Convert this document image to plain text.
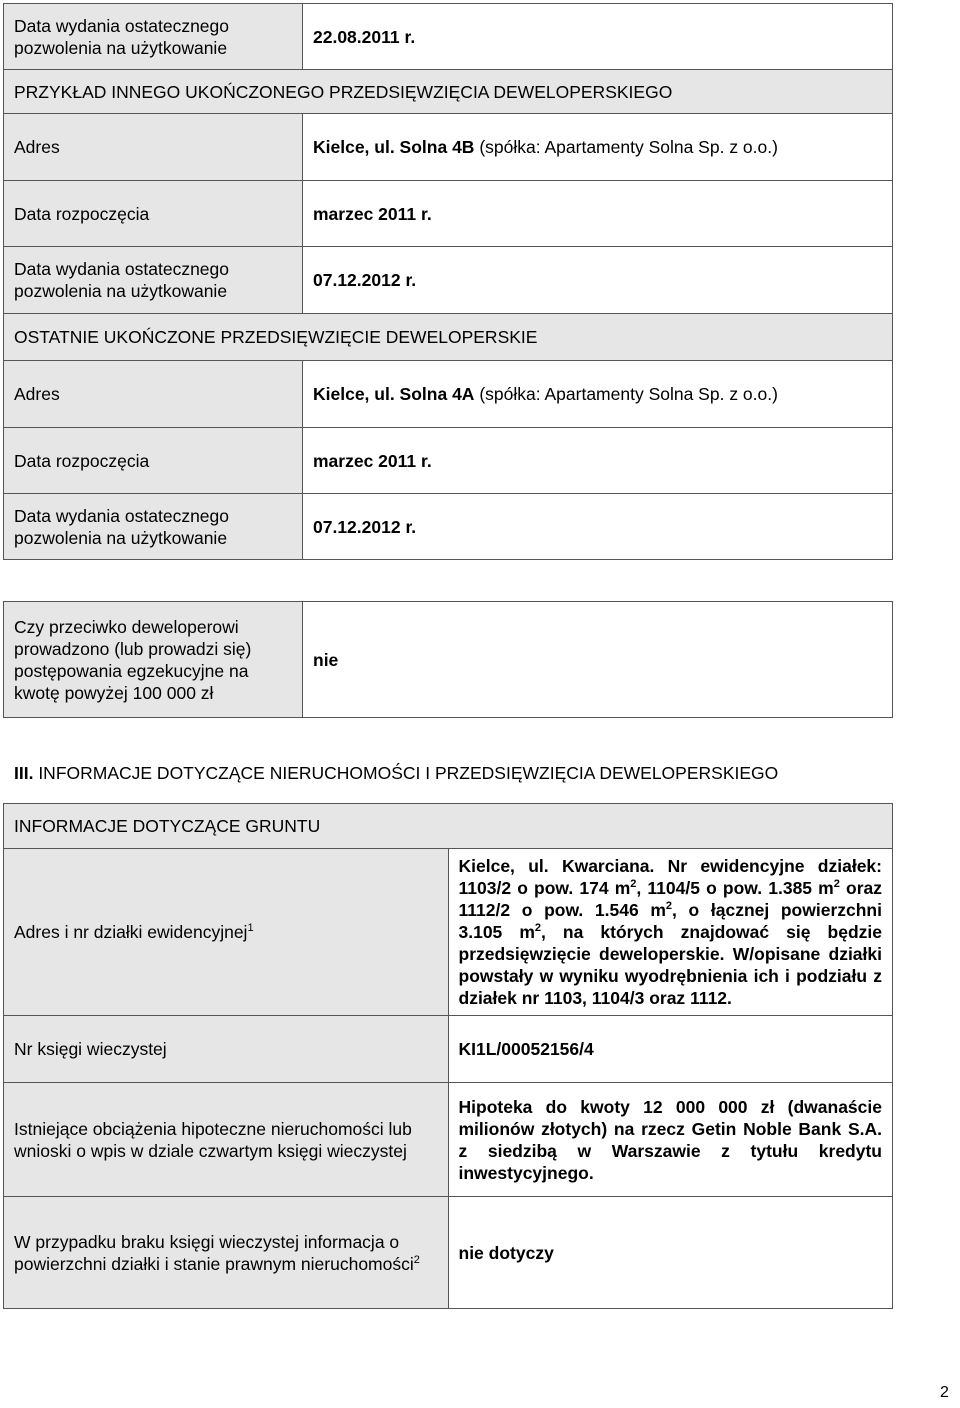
Data wydania ostatecznego pozwolenia na użytkowanie	22.08.2011 r.
PRZYKŁAD INNEGO UKOŃCZONEGO PRZEDSIĘWZIĘCIA DEWELOPERSKIEGO	
Adres	Kielce, ul. Solna 4B (spółka: Apartamenty Solna Sp. z o.o.)
Data rozpoczęcia	marzec 2011 r.
Data wydania ostatecznego pozwolenia na użytkowanie	07.12.2012 r.
OSTATNIE UKOŃCZONE PRZEDSIĘWZIĘCIE DEWELOPERSKIE	
Adres	Kielce, ul. Solna 4A (spółka: Apartamenty Solna Sp. z o.o.)
Data rozpoczęcia	marzec 2011 r.
Data wydania ostatecznego pozwolenia na użytkowanie	07.12.2012 r.
Czy przeciwko deweloperowi prowadzono (lub prowadzi się) postępowania egzekucyjne na kwotę powyżej 100 000 zł	nie
III. INFORMACJE DOTYCZĄCE NIERUCHOMOŚCI I PRZEDSIĘWZIĘCIA DEWELOPERSKIEGO
INFORMACJE DOTYCZĄCE GRUNTU	
Adres i nr działki ewidencyjnej$^1$	Kielce, ul. Kwarciana. Nr ewidencyjne działek: 1103/2 o pow. 174 $m^2$, 1104/5 o pow. 1.385 $m^2$ oraz 1112/2 o pow. 1.546 $m^2$, o łącznej powierzchni 3.105 $m^2$, na których znajdować się będzie przedsięwzięcie deweloperskie. W/opisane działki powstały w wyniku wyodrębnienia ich i podziału z działek nr 1103, 1104/3 oraz 1112.
Nr księgi wieczystej	KI1L/00052156/4
Istniejące obciążenia hipoteczne nieruchomości lub wnioski o wpis w dziale czwartym księgi wieczystej	Hipoteka do kwoty 12 000 000 zł (dwanaście milionów złotych) na rzecz Getin Noble Bank S.A. z siedzibą w Warszawie z tytułu kredytu inwestycyjnego.
W przypadku braku księgi wieczystej informacja o powierzchni działki i stanie prawnym nieruchomości$^2$	nie dotyczy
2
